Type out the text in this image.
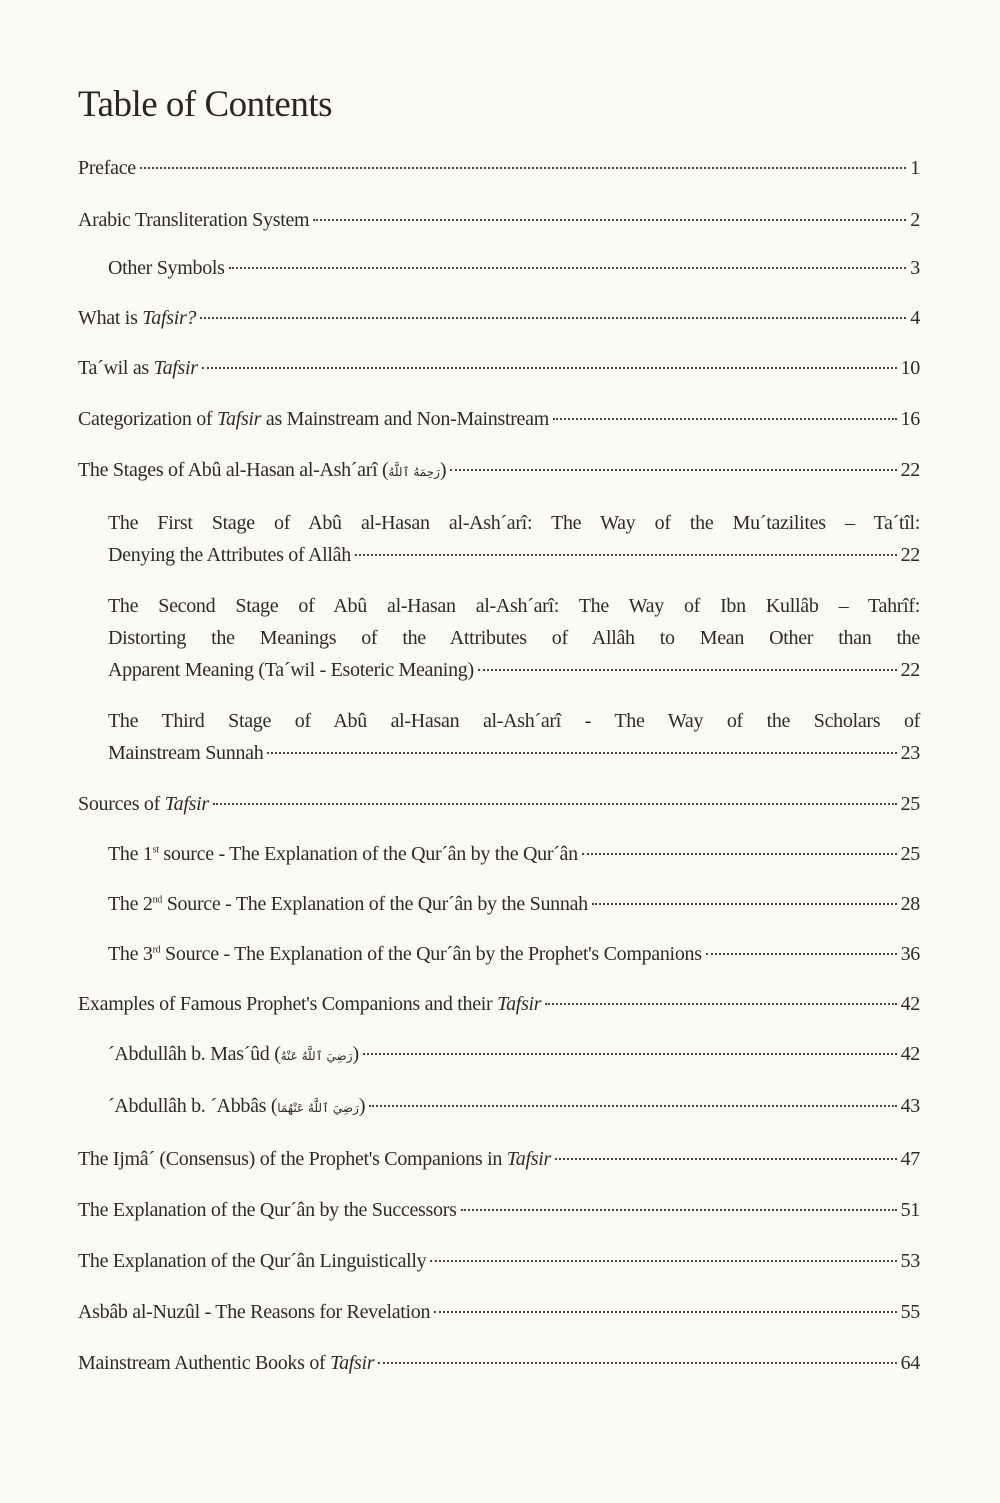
Table of Contents
Preface	1
Arabic Transliteration System	2
Other Symbols	3
What is Tafsir?	4
Ta´wil as Tafsir	10
Categorization of Tafsir as Mainstream and Non-Mainstream	16
The Stages of Abû al-Hasan al-Ash´arî (رَحِمَهُ ٱللَّهُ)	22
The First Stage of Abû al-Hasan al-Ash´arî: The Way of the Mu´tazilites – Ta´tîl:
Denying the Attributes of Allâh	22
The Second Stage of Abû al-Hasan al-Ash´arî: The Way of Ibn Kullâb – Tahrîf:
Distorting the Meanings of the Attributes of Allâh to Mean Other than the
Apparent Meaning (Ta´wil - Esoteric Meaning)	22
The Third Stage of Abû al-Hasan al-Ash´arî - The Way of the Scholars of
Mainstream Sunnah	23
Sources of Tafsir	25
The 1st source - The Explanation of the Qur´ân by the Qur´ân	25
The 2nd Source - The Explanation of the Qur´ân by the Sunnah	28
The 3rd Source - The Explanation of the Qur´ân by the Prophet's Companions	36
Examples of Famous Prophet's Companions and their Tafsir	42
´Abdullâh b. Mas´ûd (رَضِيَ ٱللَّهُ عَنْهُ)	42
´Abdullâh b. ´Abbâs (رَضِيَ ٱللَّهُ عَنْهُمَا)	43
The Ijmâ´ (Consensus) of the Prophet's Companions in Tafsir	47
The Explanation of the Qur´ân by the Successors	51
The Explanation of the Qur´ân Linguistically	53
Asbâb al-Nuzûl - The Reasons for Revelation	55
Mainstream Authentic Books of Tafsir	64
